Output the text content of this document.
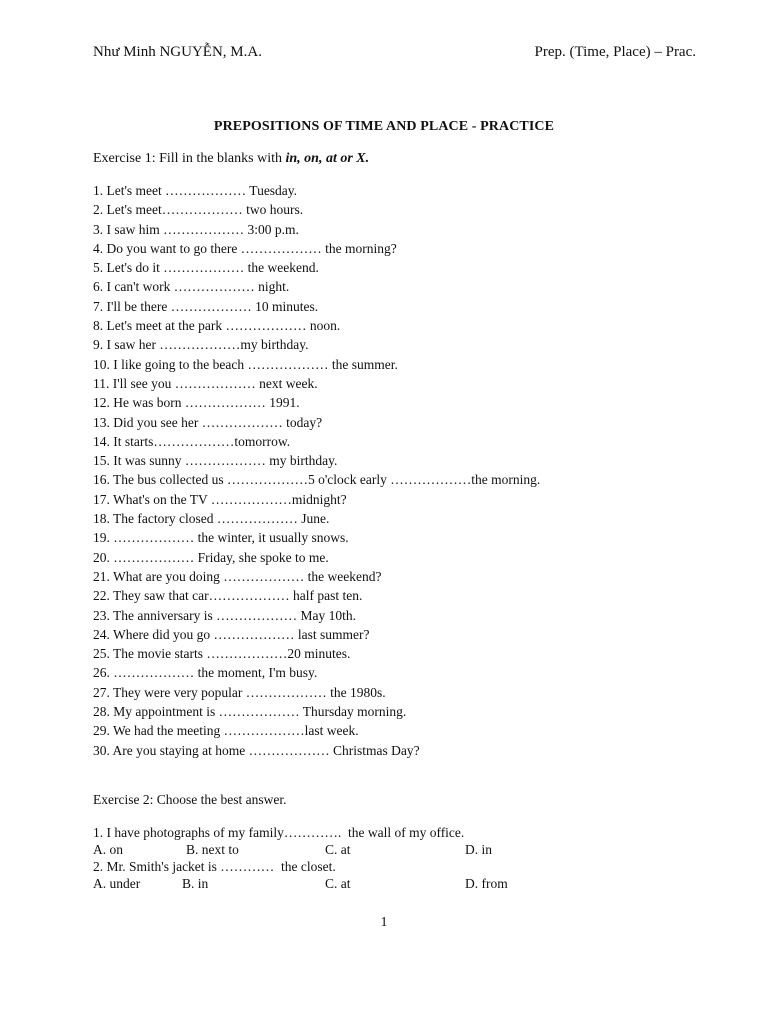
Như Minh NGUYỄN, M.A.	Prep. (Time, Place) – Prac.
PREPOSITIONS OF TIME AND PLACE - PRACTICE
Exercise 1: Fill in the blanks with in, on, at or X.
1. Let's meet ……………… Tuesday.
2. Let's meet……………… two hours.
3. I saw him ……………… 3:00 p.m.
4. Do you want to go there ……………… the morning?
5. Let's do it ……………… the weekend.
6. I can't work ……………… night.
7. I'll be there ……………… 10 minutes.
8. Let's meet at the park ……………… noon.
9. I saw her ………………my birthday.
10. I like going to the beach ……………… the summer.
11. I'll see you ……………… next week.
12. He was born ……………… 1991.
13. Did you see her ……………… today?
14. It starts………………tomorrow.
15. It was sunny ……………… my birthday.
16. The bus collected us ………………5 o'clock early ………………the morning.
17. What's on the TV ………………midnight?
18. The factory closed ……………… June.
19. ……………… the winter, it usually snows.
20. ……………… Friday, she spoke to me.
21. What are you doing ……………… the weekend?
22. They saw that car……………… half past ten.
23. The anniversary is ……………… May 10th.
24. Where did you go ……………… last summer?
25. The movie starts ………………20 minutes.
26. ……………… the moment, I'm busy.
27. They were very popular ……………… the 1980s.
28. My appointment is ……………… Thursday morning.
29. We had the meeting ………………last week.
30. Are you staying at home ……………… Christmas Day?
Exercise 2: Choose the best answer.
1. I have photographs of my family………….  the wall of my office.
A. on	B. next to	C. at	D. in
2. Mr. Smith's jacket is …………  the closet.
A. under	B. in	C. at	D. from
1
